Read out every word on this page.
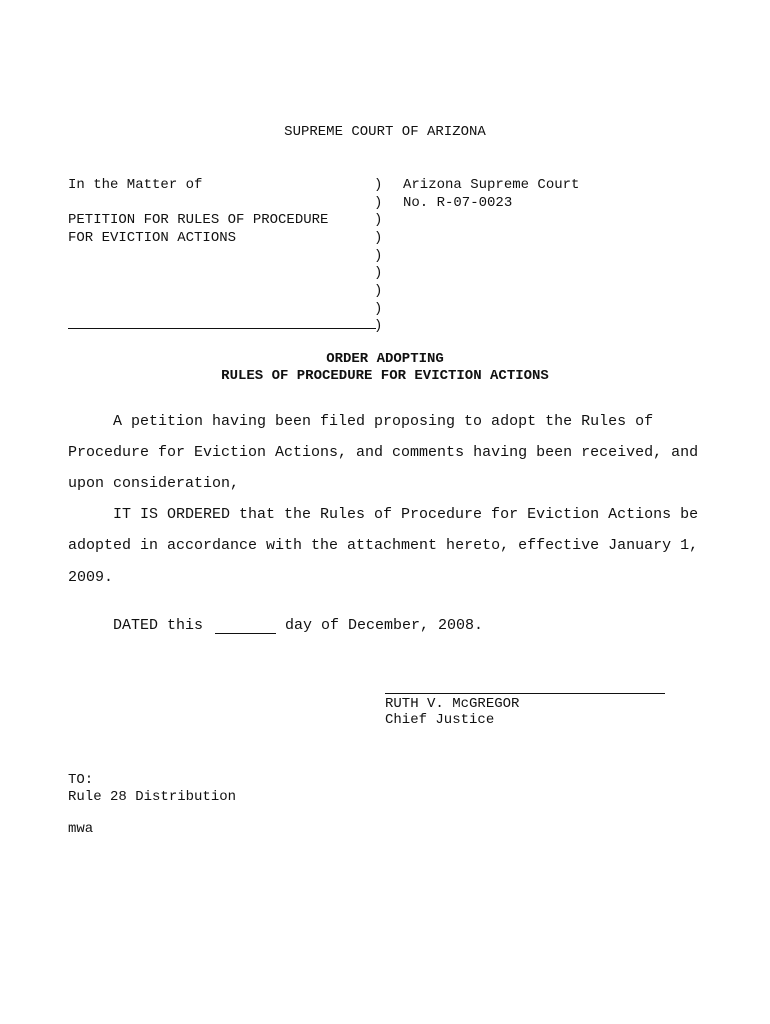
SUPREME COURT OF ARIZONA
In the Matter of
PETITION FOR RULES OF PROCEDURE
FOR EVICTION ACTIONS
)
)
)
)
)
)
)
)
)
Arizona Supreme Court
No. R-07-0023
ORDER ADOPTING
RULES OF PROCEDURE FOR EVICTION ACTIONS
A petition having been filed proposing to adopt the Rules of
Procedure for Eviction Actions, and comments having been received, and
upon consideration,
IT IS ORDERED that the Rules of Procedure for Eviction Actions be
adopted in accordance with the attachment hereto, effective January 1,
2009.
DATED this	day of December, 2008.
RUTH V. McGREGOR
Chief Justice
TO:
Rule 28 Distribution
mwa
